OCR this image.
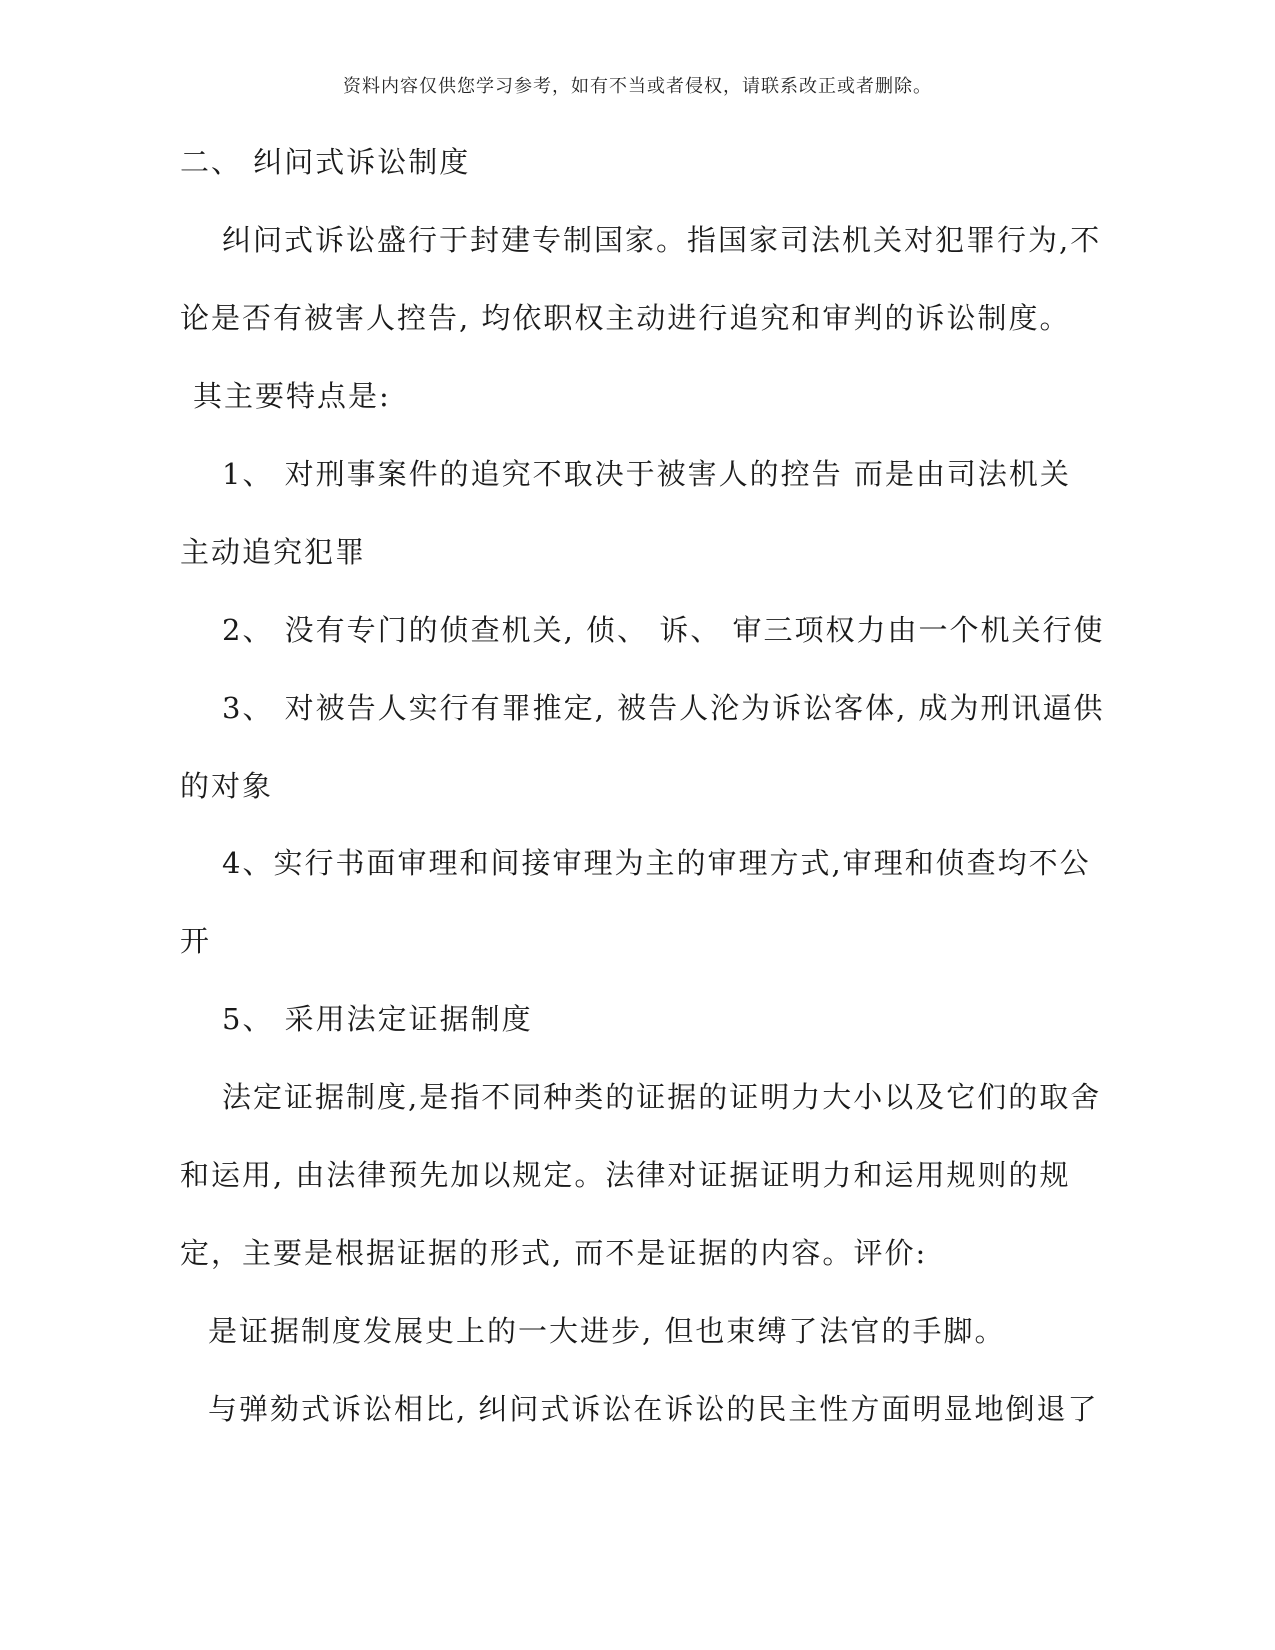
资料内容仅供您学习参考，如有不当或者侵权，请联系改正或者删除。
二、 纠问式诉讼制度
纠问式诉讼盛行于封建专制国家。指国家司法机关对犯罪行为,不
论是否有被害人控告, 均依职权主动进行追究和审判的诉讼制度。
其主要特点是:
1、 对刑事案件的追究不取决于被害人的控告 而是由司法机关
主动追究犯罪
2、 没有专门的侦查机关, 侦、 诉、 审三项权力由一个机关行使
3、 对被告人实行有罪推定, 被告人沦为诉讼客体, 成为刑讯逼供
的对象
4、实行书面审理和间接审理为主的审理方式,审理和侦查均不公
开
5、 采用法定证据制度
法定证据制度,是指不同种类的证据的证明力大小以及它们的取舍
和运用, 由法律预先加以规定。法律对证据证明力和运用规则的规
定，主要是根据证据的形式, 而不是证据的内容。评价:
是证据制度发展史上的一大进步, 但也束缚了法官的手脚。
与弹劾式诉讼相比, 纠问式诉讼在诉讼的民主性方面明显地倒退了
